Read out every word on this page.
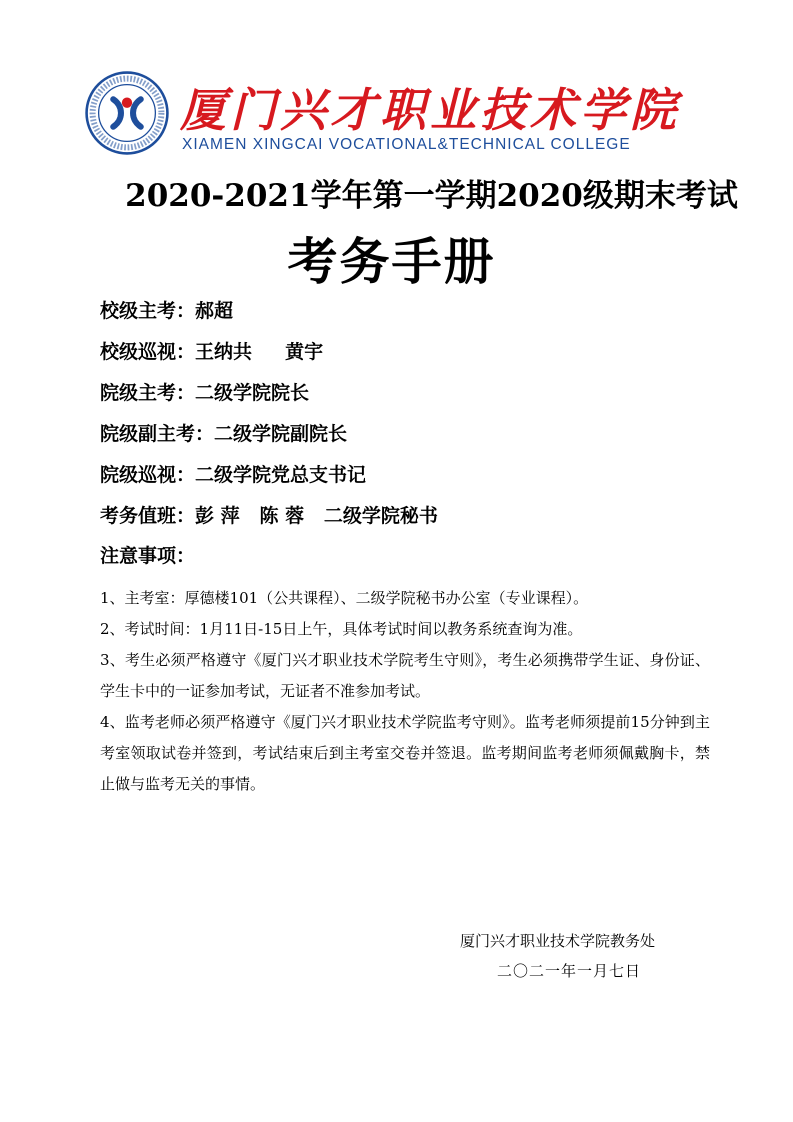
厦门兴才职业技术学院
XIAMEN XINGCAI VOCATIONAL&TECHNICAL COLLEGE
2020-2021学年第一学期2020级期末考试
考务手册
校级主考：郝超
校级巡视：王纳共     黄宇
院级主考：二级学院院长
院级副主考：二级学院副院长
院级巡视：二级学院党总支书记
考务值班：彭 萍   陈 蓉   二级学院秘书
注意事项：

1、主考室：厚德楼101（公共课程）、二级学院秘书办公室（专业课程）。

2、考试时间：1月11日-15日上午，具体考试时间以教务系统查询为准。

3、考生必须严格遵守《厦门兴才职业技术学院考生守则》，考生必须携带学生证、身份证、学生卡中的一证参加考试，无证者不准参加考试。

4、监考老师必须严格遵守《厦门兴才职业技术学院监考守则》。监考老师须提前15分钟到主考室领取试卷并签到，考试结束后到主考室交卷并签退。监考期间监考老师须佩戴胸卡，禁止做与监考无关的事情。

厦门兴才职业技术学院教务处
二〇二一年一月七日
